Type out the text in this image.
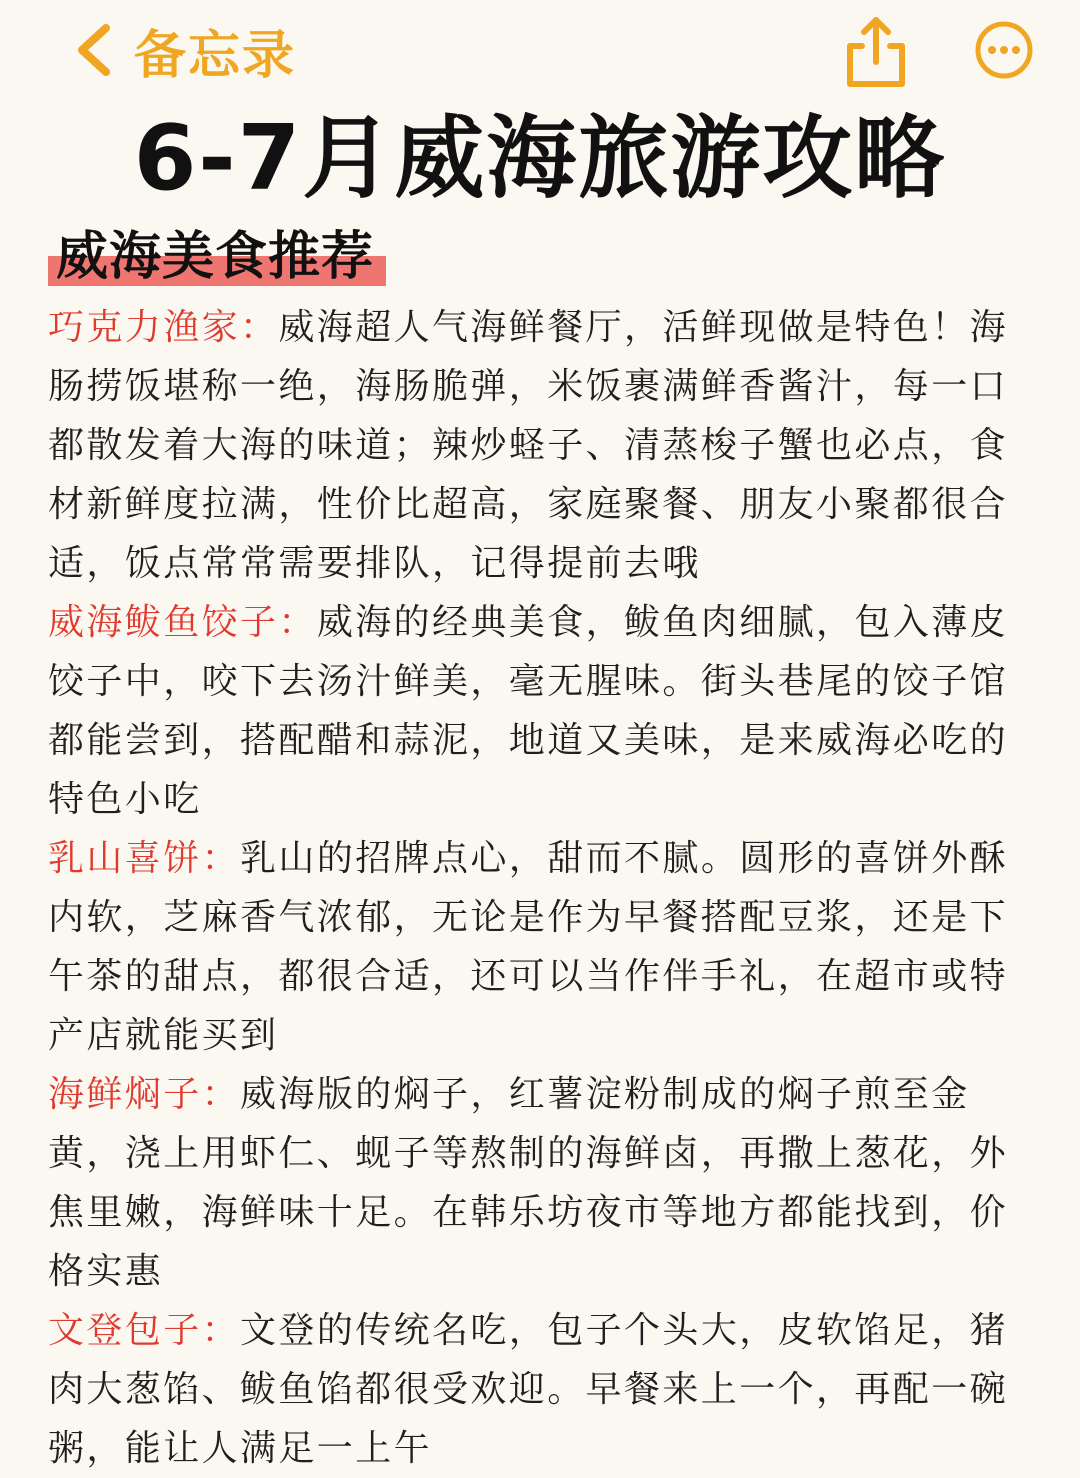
备忘录
6-7月威海旅游攻略
威海美食推荐

巧克力渔家：威海超人气海鲜餐厅，活鲜现做是特色！海肠捞饭堪称一绝，海肠脆弹，米饭裹满鲜香酱汁，每一口都散发着大海的味道；辣炒蛏子、清蒸梭子蟹也必点，食材新鲜度拉满，性价比超高，家庭聚餐、朋友小聚都很合适，饭点常常需要排队，记得提前去哦

威海鲅鱼饺子：威海的经典美食，鲅鱼肉细腻，包入薄皮饺子中，咬下去汤汁鲜美，毫无腥味。街头巷尾的饺子馆都能尝到，搭配醋和蒜泥，地道又美味，是来威海必吃的特色小吃

乳山喜饼：乳山的招牌点心，甜而不腻。圆形的喜饼外酥内软，芝麻香气浓郁，无论是作为早餐搭配豆浆，还是下午茶的甜点，都很合适，还可以当作伴手礼，在超市或特产店就能买到

海鲜焖子：威海版的焖子，红薯淀粉制成的焖子煎至金黄，浇上用虾仁、蚬子等熬制的海鲜卤，再撒上葱花，外焦里嫩，海鲜味十足。在韩乐坊夜市等地方都能找到，价格实惠

文登包子：文登的传统名吃，包子个头大，皮软馅足，猪肉大葱馅、鲅鱼馅都很受欢迎。早餐来上一个，再配一碗粥，能让人满足一上午
